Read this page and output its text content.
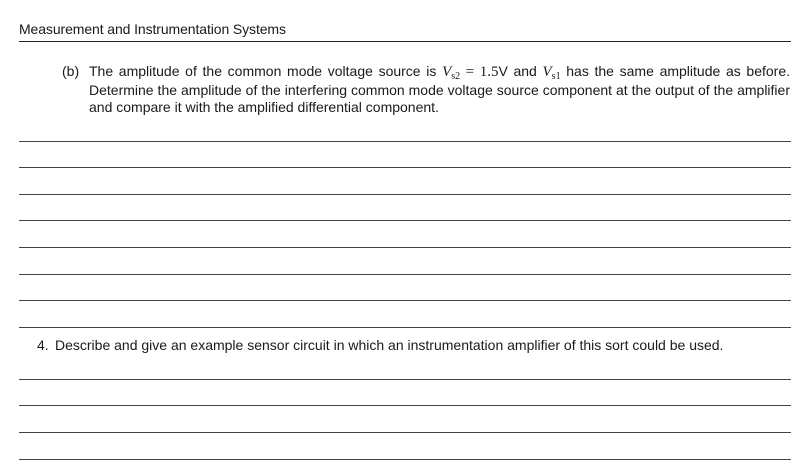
Measurement and Instrumentation Systems
(b) The amplitude of the common mode voltage source is $V_{s2} = 1.5V$ and $V_{s1}$ has the same amplitude as before. Determine the amplitude of the interfering common mode voltage source component at the output of the amplifier and compare it with the amplified differential component.
4. Describe and give an example sensor circuit in which an instrumentation amplifier of this sort could be used.
